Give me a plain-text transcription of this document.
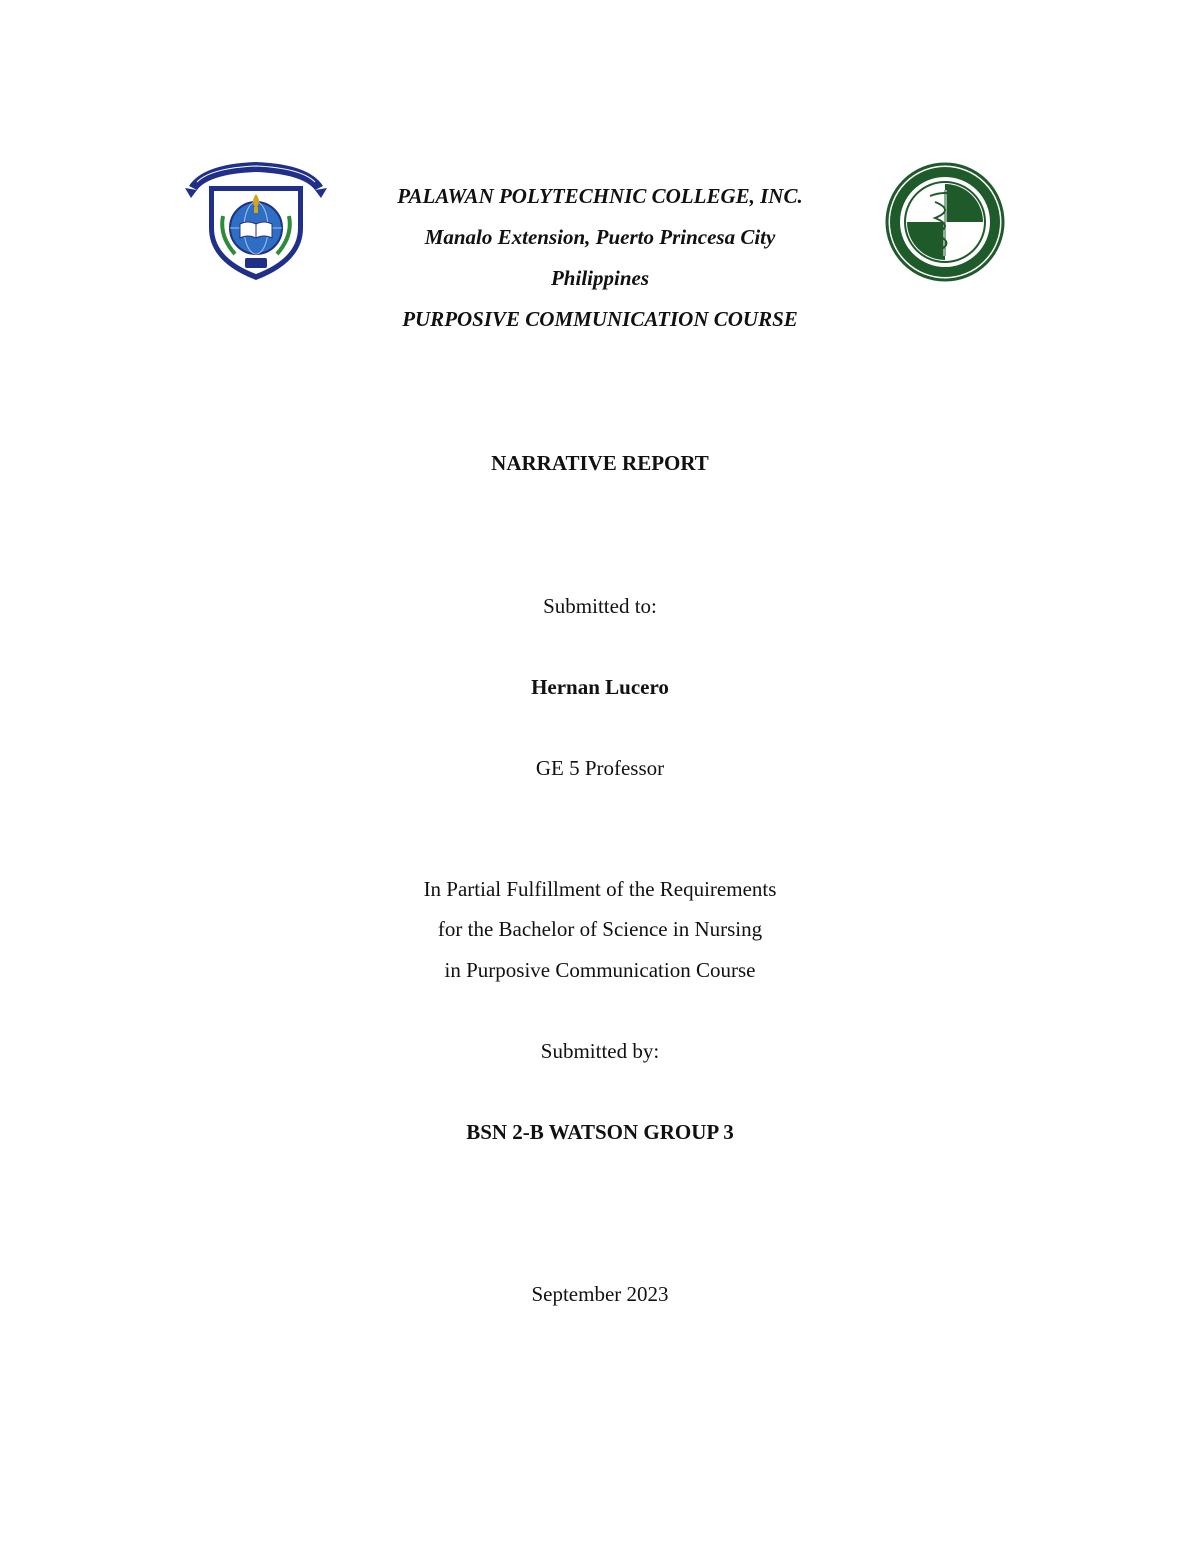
PALAWAN POLYTECHNIC COLLEGE, INC.
Manalo Extension, Puerto Princesa City
Philippines
PURPOSIVE COMMUNICATION COURSE
NARRATIVE REPORT
Submitted to:
Hernan Lucero
GE 5 Professor
In Partial Fulfillment of the Requirements
for the Bachelor of Science in Nursing
in Purposive Communication Course
Submitted by:
BSN 2-B WATSON GROUP 3
September 2023
